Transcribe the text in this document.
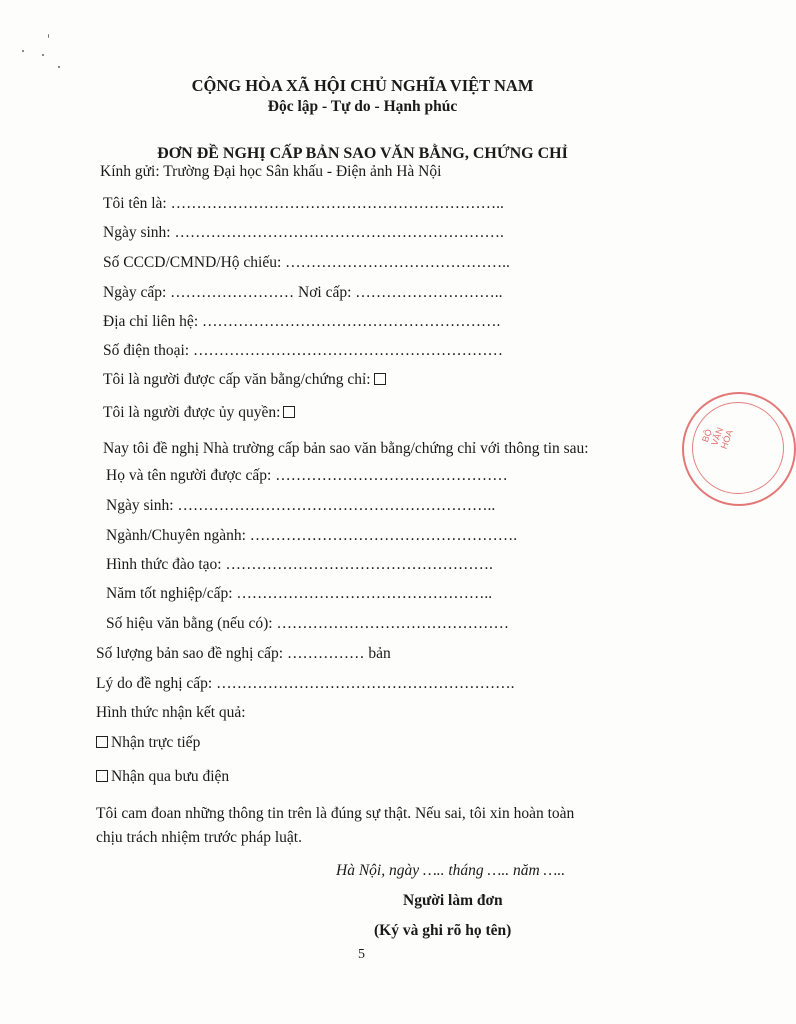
CỘNG HÒA XÃ HỘI CHỦ NGHĨA VIỆT NAM
Độc lập - Tự do - Hạnh phúc
ĐƠN ĐỀ NGHỊ CẤP BẢN SAO VĂN BẰNG, CHỨNG CHỈ
Kính gửi: Trường Đại học Sân khấu - Điện ảnh Hà Nội
Tôi tên là: ………………………………………………………..
Ngày sinh: ……………………………………………………….
Số CCCD/CMND/Hộ chiếu: ……………………………………..
Ngày cấp: …………………… Nơi cấp: ………………………..
Địa chỉ liên hệ: ………………………………………………….
Số điện thoại: ……………………………………………………
Tôi là người được cấp văn bằng/chứng chỉ:
Tôi là người được ủy quyền:
Nay tôi đề nghị Nhà trường cấp bản sao văn bằng/chứng chỉ với thông tin sau:
Họ và tên người được cấp: ………………………………………
Ngày sinh: ……………………………………………………..
Ngành/Chuyên ngành: …………………………………………….
Hình thức đào tạo: …………………………………………….
Năm tốt nghiệp/cấp: …………………………………………..
Số hiệu văn bằng (nếu có): ………………………………………
Số lượng bản sao đề nghị cấp: …………… bản
Lý do đề nghị cấp: ………………………………………………….
Hình thức nhận kết quả:
Nhận trực tiếp
Nhận qua bưu điện
Tôi cam đoan những thông tin trên là đúng sự thật. Nếu sai, tôi xin hoàn toàn
chịu trách nhiệm trước pháp luật.
Hà Nội, ngày ….. tháng ….. năm …..
Người làm đơn
(Ký và ghi rõ họ tên)
5
BỘ VĂN HÓA
